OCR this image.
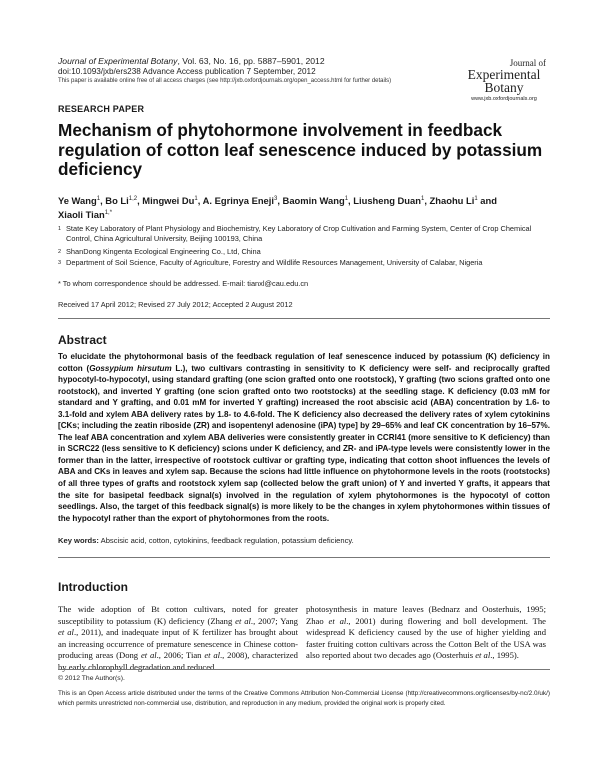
Journal of Experimental Botany, Vol. 63, No. 16, pp. 5887–5901, 2012
doi:10.1093/jxb/ers238 Advance Access publication 7 September, 2012
This paper is available online free of all access charges (see http://jxb.oxfordjournals.org/open_access.html for further details)
Journal of
Experimental
Botany
www.jxb.oxfordjournals.org
RESEARCH PAPER
Mechanism of phytohormone involvement in feedback regulation of cotton leaf senescence induced by potassium deficiency
Ye Wang$^1$, Bo Li$^{1,2}$, Mingwei Du$^1$, A. Egrinya Eneji$^3$, Baomin Wang$^1$, Liusheng Duan$^1$, Zhaohu Li$^1$ and
Xiaoli Tian$^{1,*}$
1 State Key Laboratory of Plant Physiology and Biochemistry, Key Laboratory of Crop Cultivation and Farming System, Center of Crop Chemical Control, China Agricultural University, Beijing 100193, China
2 ShanDong Kingenta Ecological Engineering Co., Ltd, China
3 Department of Soil Science, Faculty of Agriculture, Forestry and Wildlife Resources Management, University of Calabar, Nigeria
* To whom correspondence should be addressed. E-mail: tianxl@cau.edu.cn
Received 17 April 2012; Revised 27 July 2012; Accepted 2 August 2012
Abstract
To elucidate the phytohormonal basis of the feedback regulation of leaf senescence induced by potassium (K) deficiency in cotton (Gossypium hirsutum L.), two cultivars contrasting in sensitivity to K deficiency were self- and reciprocally grafted hypocotyl-to-hypocotyl, using standard grafting (one scion grafted onto one rootstock), Y grafting (two scions grafted onto one rootstock), and inverted Y grafting (one scion grafted onto two rootstocks) at the seedling stage. K deficiency (0.03 mM for standard and Y grafting, and 0.01 mM for inverted Y grafting) increased the root abscisic acid (ABA) concentration by 1.6- to 3.1-fold and xylem ABA delivery rates by 1.8- to 4.6-fold. The K deficiency also decreased the delivery rates of xylem cytokinins [CKs; including the zeatin riboside (ZR) and isopentenyl adenosine (iPA) type] by 29–65% and leaf CK concentration by 16–57%. The leaf ABA concentration and xylem ABA deliveries were consistently greater in CCRI41 (more sensitive to K deficiency) than in SCRC22 (less sensitive to K deficiency) scions under K deficiency, and ZR- and iPA-type levels were consistently lower in the former than in the latter, irrespective of rootstock cultivar or grafting type, indicating that cotton shoot influences the levels of ABA and CKs in leaves and xylem sap. Because the scions had little influence on phytohormone levels in the roots (rootstocks) of all three types of grafts and rootstock xylem sap (collected below the graft union) of Y and inverted Y grafts, it appears that the site for basipetal feedback signal(s) involved in the regulation of xylem phytohormones is the hypocotyl of cotton seedlings. Also, the target of this feedback signal(s) is more likely to be the changes in xylem phytohormones within tissues of the hypocotyl rather than the export of phytohormones from the roots.
Key words: Abscisic acid, cotton, cytokinins, feedback regulation, potassium deficiency.
Introduction
The wide adoption of Bt cotton cultivars, noted for greater susceptibility to potassium (K) deficiency (Zhang et al., 2007; Yang et al., 2011), and inadequate input of K fertilizer has brought about an increasing occurrence of premature senescence in Chinese cotton-producing areas (Dong et al., 2006; Tian et al., 2008), characterized by early chlorophyll degradation and reduced
photosynthesis in mature leaves (Bednarz and Oosterhuis, 1995; Zhao et al., 2001) during flowering and boll development. The widespread K deficiency caused by the use of higher yielding and faster fruiting cotton cultivars across the Cotton Belt of the USA was also reported about two decades ago (Oosterhuis et al., 1995).
© 2012 The Author(s).
This is an Open Access article distributed under the terms of the Creative Commons Attribution Non-Commercial License (http://creativecommons.org/licenses/by-nc/2.0/uk/) which permits unrestricted non-commercial use, distribution, and reproduction in any medium, provided the original work is properly cited.
